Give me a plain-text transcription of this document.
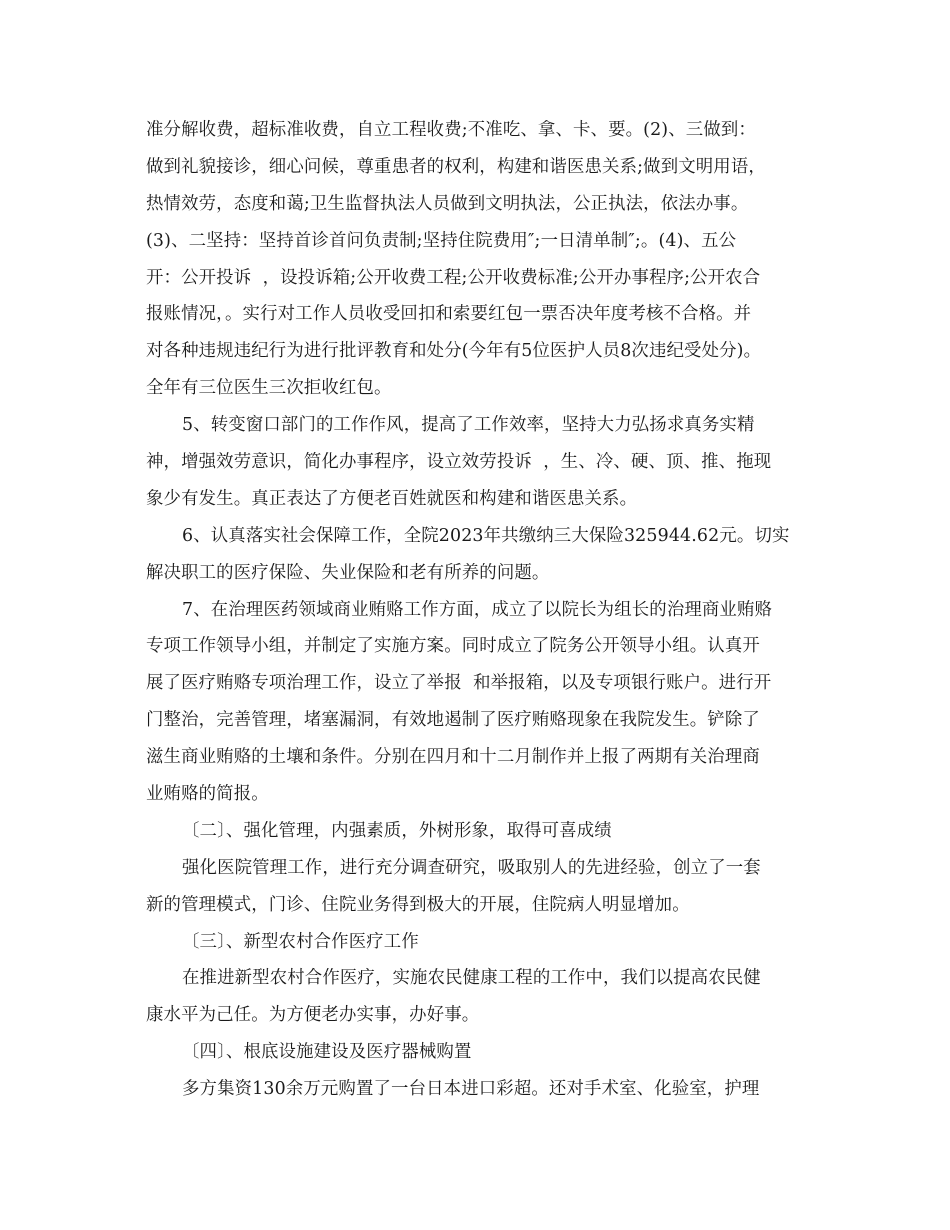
准分解收费，超标准收费，自立工程收费;不准吃、拿、卡、要。(2)、三做到：
做到礼貌接诊，细心问候，尊重患者的权利，构建和谐医患关系;做到文明用语，
热情效劳，态度和蔼;卫生监督执法人员做到文明执法，公正执法，依法办事。
(3)、二坚持：坚持首诊首问负责制;坚持住院费用″;一日清单制″;。(4)、五公
开：公开投诉  ，设投诉箱;公开收费工程;公开收费标准;公开办事程序;公开农合
报账情况，。实行对工作人员收受回扣和索要红包一票否决年度考核不合格。并
对各种违规违纪行为进行批评教育和处分(今年有5位医护人员8次违纪受处分)。
全年有三位医生三次拒收红包。
5、转变窗口部门的工作作风，提高了工作效率，坚持大力弘扬求真务实精
神，增强效劳意识，简化办事程序，设立效劳投诉  ，生、冷、硬、顶、推、拖现
象少有发生。真正表达了方便老百姓就医和构建和谐医患关系。
6、认真落实社会保障工作，全院2023年共缴纳三大保险325944.62元。切实
解决职工的医疗保险、失业保险和老有所养的问题。
7、在治理医药领域商业贿赂工作方面，成立了以院长为组长的治理商业贿赂
专项工作领导小组，并制定了实施方案。同时成立了院务公开领导小组。认真开
展了医疗贿赂专项治理工作，设立了举报  和举报箱，以及专项银行账户。进行开
门整治，完善管理，堵塞漏洞，有效地遏制了医疗贿赂现象在我院发生。铲除了
滋生商业贿赂的土壤和条件。分别在四月和十二月制作并上报了两期有关治理商
业贿赂的简报。
〔二〕、强化管理，内强素质，外树形象，取得可喜成绩
强化医院管理工作，进行充分调查研究，吸取别人的先进经验，创立了一套
新的管理模式，门诊、住院业务得到极大的开展，住院病人明显增加。
〔三〕、新型农村合作医疗工作
在推进新型农村合作医疗，实施农民健康工程的工作中，我们以提高农民健
康水平为己任。为方便老办实事，办好事。
〔四〕、根底设施建设及医疗器械购置
多方集资130余万元购置了一台日本进口彩超。还对手术室、化验室，护理
